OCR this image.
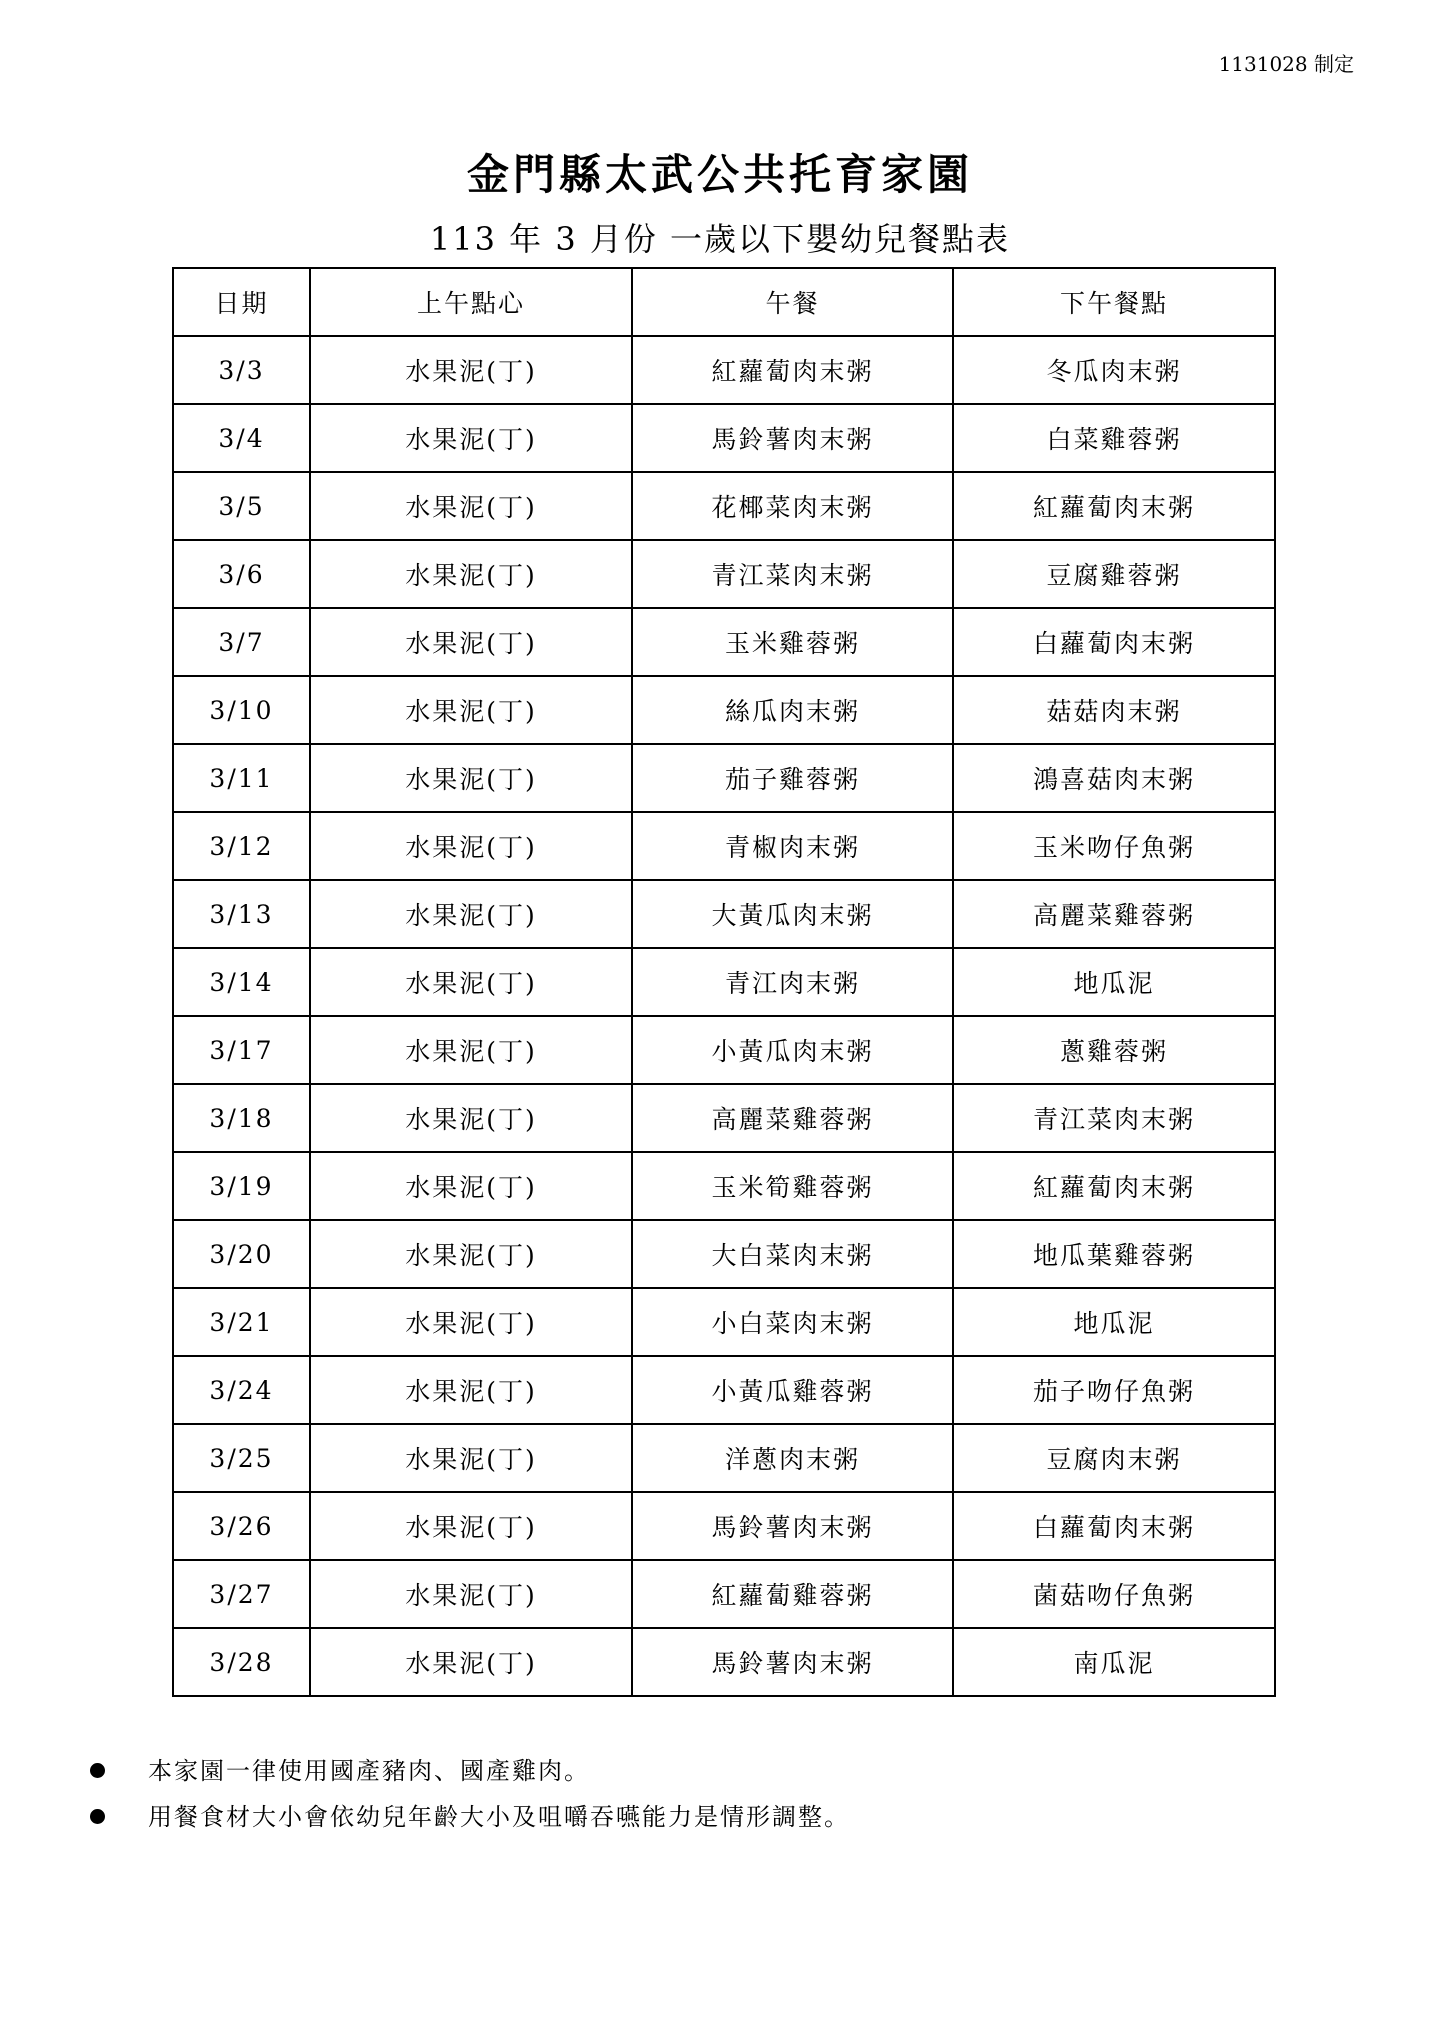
1131028 制定
金門縣太武公共托育家園
113 年 3 月份 一歲以下嬰幼兒餐點表
日期	上午點心	午餐	下午餐點
3/3	水果泥(丁)	紅蘿蔔肉末粥	冬瓜肉末粥
3/4	水果泥(丁)	馬鈴薯肉末粥	白菜雞蓉粥
3/5	水果泥(丁)	花椰菜肉末粥	紅蘿蔔肉末粥
3/6	水果泥(丁)	青江菜肉末粥	豆腐雞蓉粥
3/7	水果泥(丁)	玉米雞蓉粥	白蘿蔔肉末粥
3/10	水果泥(丁)	絲瓜肉末粥	菇菇肉末粥
3/11	水果泥(丁)	茄子雞蓉粥	鴻喜菇肉末粥
3/12	水果泥(丁)	青椒肉末粥	玉米吻仔魚粥
3/13	水果泥(丁)	大黃瓜肉末粥	高麗菜雞蓉粥
3/14	水果泥(丁)	青江肉末粥	地瓜泥
3/17	水果泥(丁)	小黃瓜肉末粥	蔥雞蓉粥
3/18	水果泥(丁)	高麗菜雞蓉粥	青江菜肉末粥
3/19	水果泥(丁)	玉米筍雞蓉粥	紅蘿蔔肉末粥
3/20	水果泥(丁)	大白菜肉末粥	地瓜葉雞蓉粥
3/21	水果泥(丁)	小白菜肉末粥	地瓜泥
3/24	水果泥(丁)	小黃瓜雞蓉粥	茄子吻仔魚粥
3/25	水果泥(丁)	洋蔥肉末粥	豆腐肉末粥
3/26	水果泥(丁)	馬鈴薯肉末粥	白蘿蔔肉末粥
3/27	水果泥(丁)	紅蘿蔔雞蓉粥	菌菇吻仔魚粥
3/28	水果泥(丁)	馬鈴薯肉末粥	南瓜泥
本家園一律使用國產豬肉、國產雞肉。
用餐食材大小會依幼兒年齡大小及咀嚼吞嚥能力是情形調整。
